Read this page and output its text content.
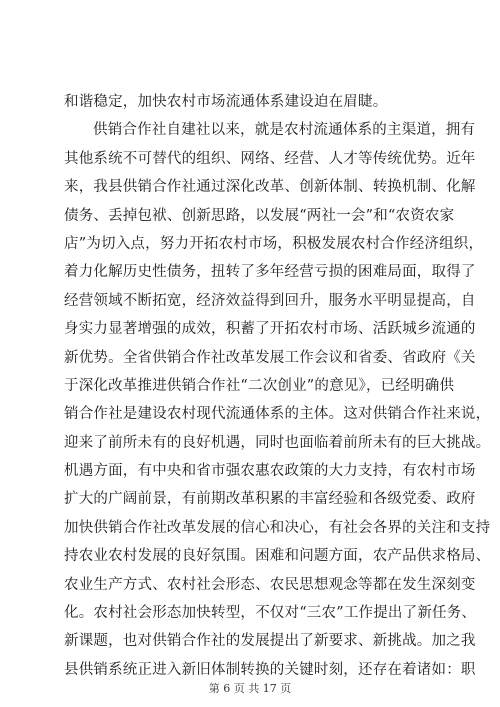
和谐稳定，加快农村市场流通体系建设迫在眉睫。
供销合作社自建社以来，就是农村流通体系的主渠道，拥有
其他系统不可替代的组织、网络、经营、人才等传统优势。近年
来，我县供销合作社通过深化改革、创新体制、转换机制、化解
债务、丢掉包袱、创新思路，以发展“两社一会”和“农资农家
店”为切入点，努力开拓农村市场，积极发展农村合作经济组织，
着力化解历史性债务，扭转了多年经营亏损的困难局面，取得了
经营领域不断拓宽，经济效益得到回升，服务水平明显提高，自
身实力显著增强的成效，积蓄了开拓农村市场、活跃城乡流通的
新优势。全省供销合作社改革发展工作会议和省委、省政府《关
于深化改革推进供销合作社“二次创业”的意见》，已经明确供
销合作社是建设农村现代流通体系的主体。这对供销合作社来说，
迎来了前所未有的良好机遇，同时也面临着前所未有的巨大挑战。
机遇方面，有中央和省市强农惠农政策的大力支持，有农村市场
扩大的广阔前景，有前期改革积累的丰富经验和各级党委、政府
加快供销合作社改革发展的信心和决心，有社会各界的关注和支持
持农业农村发展的良好氛围。困难和问题方面，农产品供求格局、
农业生产方式、农村社会形态、农民思想观念等都在发生深刻变
化。农村社会形态加快转型，不仅对“三农”工作提出了新任务、
新课题，也对供销合作社的发展提出了新要求、新挑战。加之我
县供销系统正进入新旧体制转换的关键时刻，还存在着诸如：职
第 6 页 共 17 页
